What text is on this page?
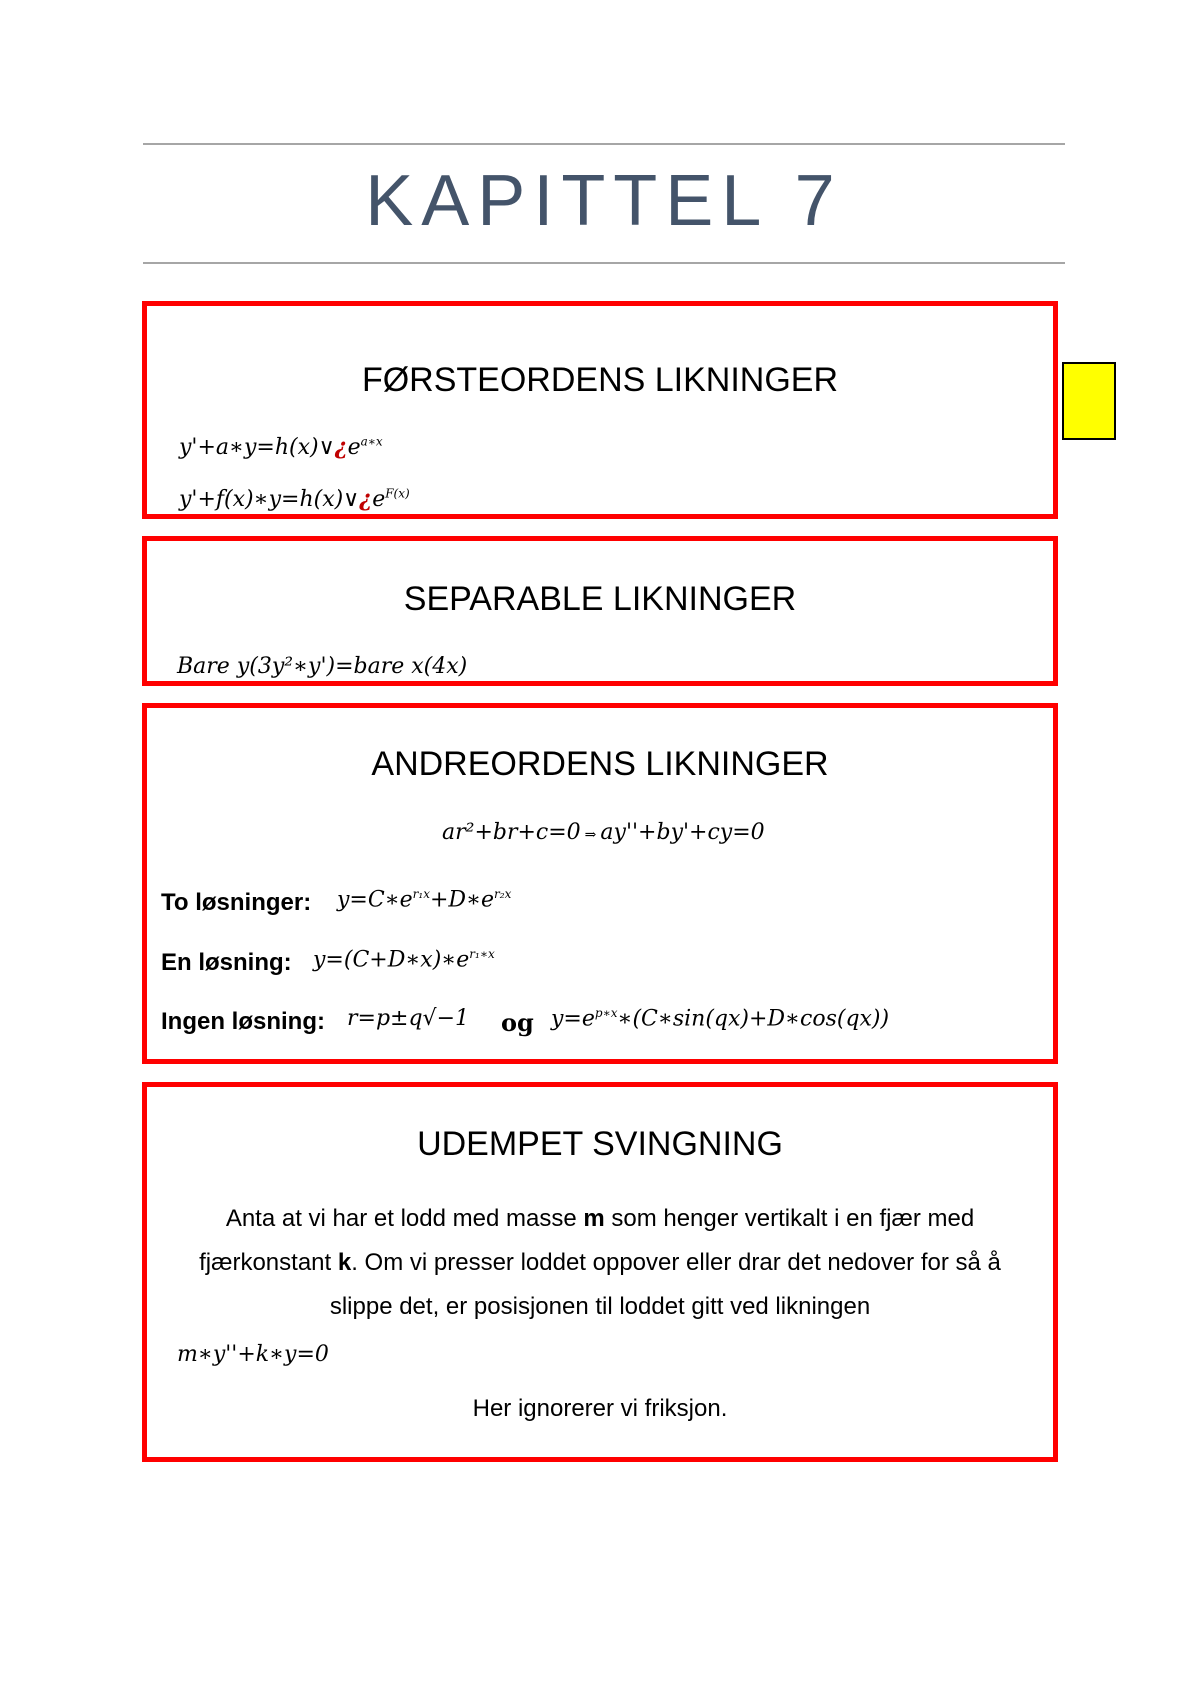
KAPITTEL 7
FØRSTEORDENS LIKNINGER
$y'+a∗y=h(x)\vee¿e^{a∗x}$
$y'+f(x)∗y=h(x)\vee¿e^{F(x)}$
SEPARABLE LIKNINGER
Bare y(3y²∗y')=bare x(4x)
ANDREORDENS LIKNINGER
ar²+br+c=0 ⇒ ay''+by'+cy=0
To løsninger: $y=C∗e^{r_1x}+D∗e^{r_2x}$
En løsning: $y=(C+D∗x)∗e^{r_1∗x}$
Ingen løsning: r=p±q√−1 og $y=e^{p∗x}∗(C∗\sin(qx)+D∗\cos(qx))$
UDEMPET SVINGNING
Anta at vi har et lodd med masse m som henger vertikalt i en fjær med fjærkonstant k. Om vi presser loddet oppover eller drar det nedover for så å slippe det, er posisjonen til loddet gitt ved likningen
m∗y''+k∗y=0
Her ignorerer vi friksjon.
